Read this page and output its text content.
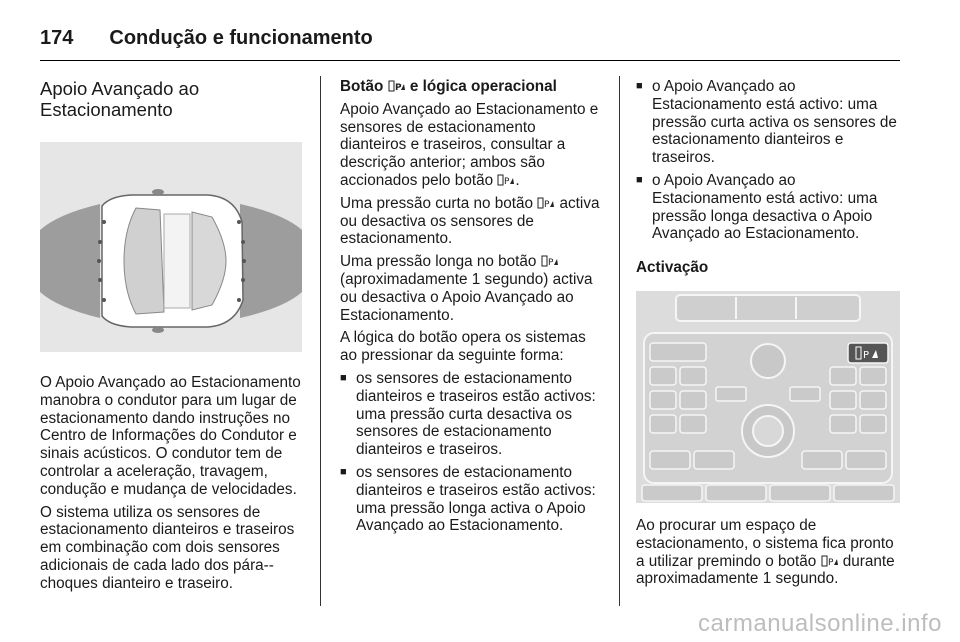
174 Condução e funcionamento
Apoio Avançado ao Estacionamento

O Apoio Avançado ao Estacionamento manobra o condutor para um lugar de estacionamento dando instruções no Centro de Informações do Condutor e sinais acústicos. O condutor tem de controlar a aceleração, travagem, condução e mudança de velocidades.

O sistema utiliza os sensores de estacionamento dianteiros e traseiros em combinação com dois sensores adicionais de cada lado dos pára--choques dianteiro e traseiro.

Botão P e lógica operacional

Apoio Avançado ao Estacionamento e sensores de estacionamento dianteiros e traseiros, consultar a descrição anterior; ambos são accionados pelo botão P .

Uma pressão curta no botão P activa ou desactiva os sensores de estacionamento.

Uma pressão longa no botão P
(aproximadamente 1 segundo) activa ou desactiva o Apoio Avançado ao Estacionamento.

A lógica do botão opera os sistemas ao pressionar da seguinte forma:

■ os sensores de estacionamento dianteiros e traseiros estão activos: uma pressão curta desactiva os sensores de estacionamento dianteiros e traseiros.
■ os sensores de estacionamento dianteiros e traseiros estão activos: uma pressão longa activa o Apoio Avançado ao Estacionamento.
■ o Apoio Avançado ao Estacionamento está activo: uma pressão curta activa os sensores de estacionamento dianteiros e traseiros.
■ o Apoio Avançado ao Estacionamento está activo: uma pressão longa desactiva o Apoio Avançado ao Estacionamento.

Activação

P

Ao procurar um espaço de estacionamento, o sistema fica pronto a utilizar premindo o botão P durante aproximadamente 1 segundo.

carmanualsonline.info
